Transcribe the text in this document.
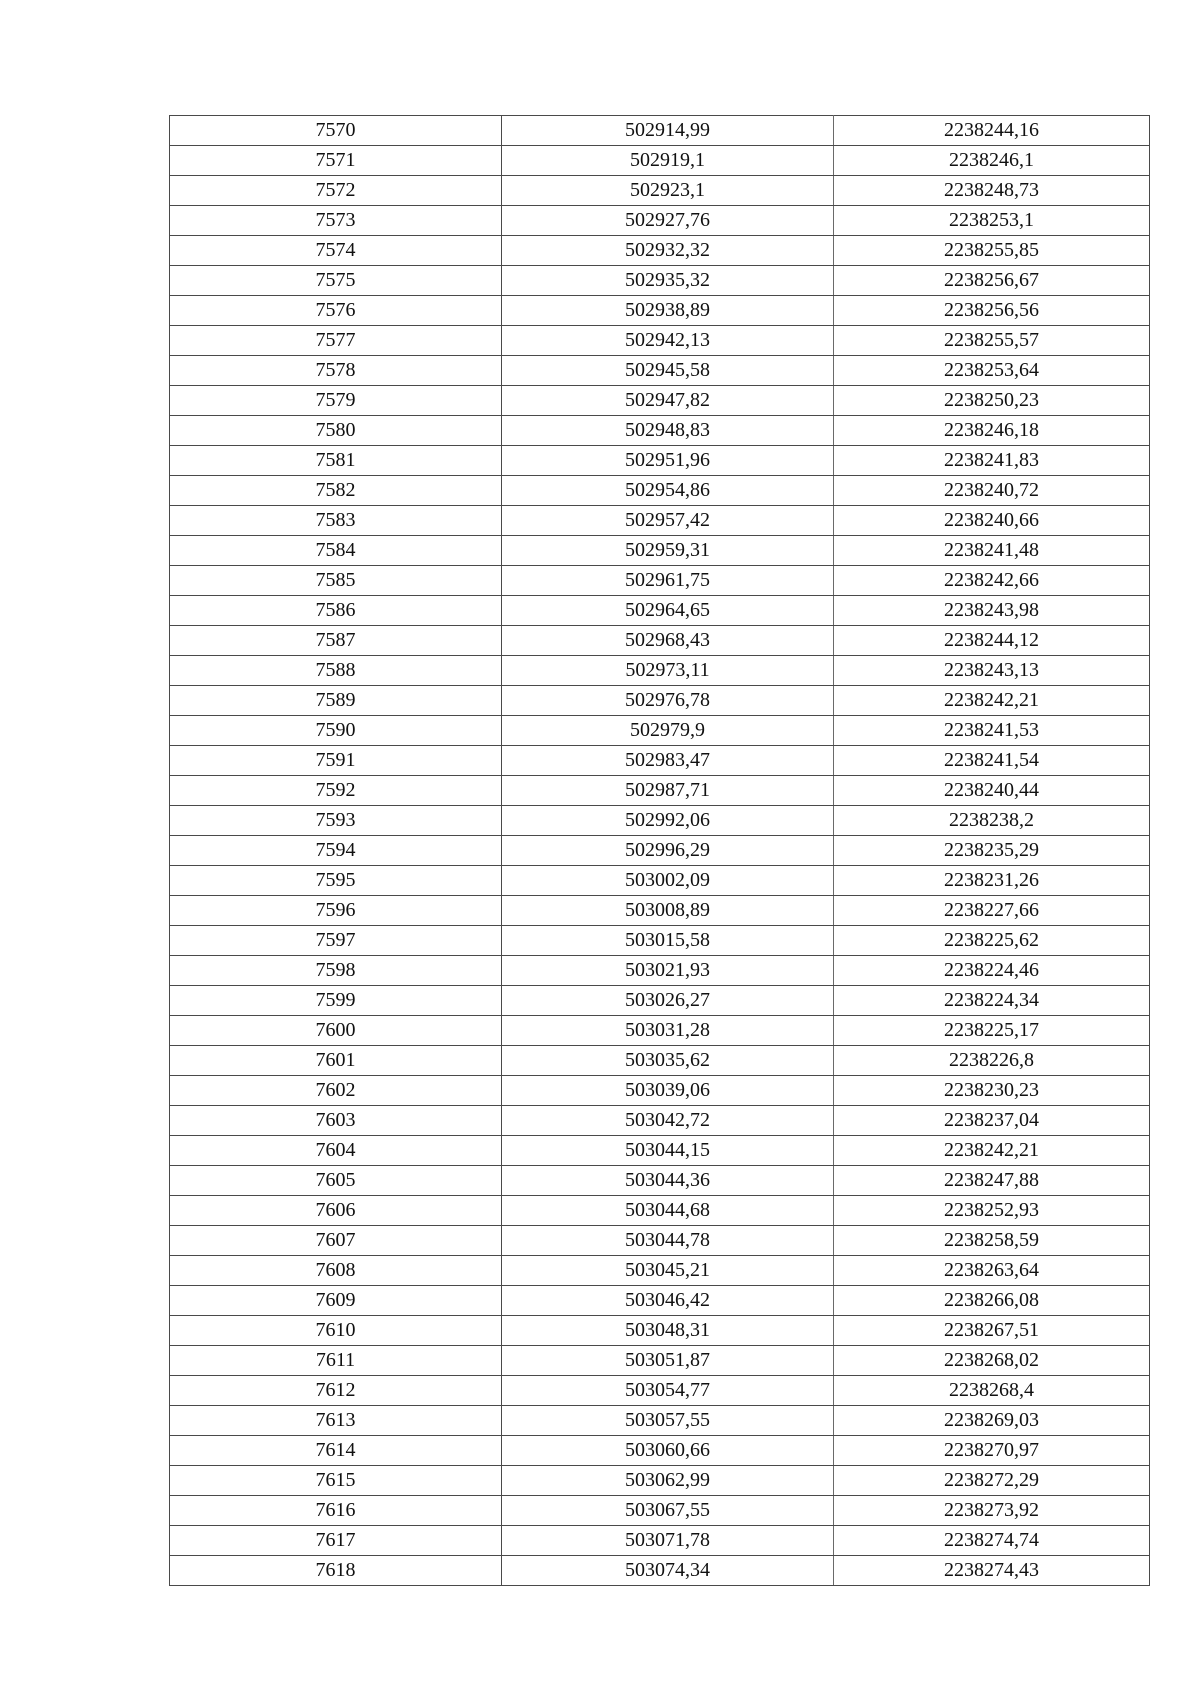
7570	502914,99	2238244,16
7571	502919,1	2238246,1
7572	502923,1	2238248,73
7573	502927,76	2238253,1
7574	502932,32	2238255,85
7575	502935,32	2238256,67
7576	502938,89	2238256,56
7577	502942,13	2238255,57
7578	502945,58	2238253,64
7579	502947,82	2238250,23
7580	502948,83	2238246,18
7581	502951,96	2238241,83
7582	502954,86	2238240,72
7583	502957,42	2238240,66
7584	502959,31	2238241,48
7585	502961,75	2238242,66
7586	502964,65	2238243,98
7587	502968,43	2238244,12
7588	502973,11	2238243,13
7589	502976,78	2238242,21
7590	502979,9	2238241,53
7591	502983,47	2238241,54
7592	502987,71	2238240,44
7593	502992,06	2238238,2
7594	502996,29	2238235,29
7595	503002,09	2238231,26
7596	503008,89	2238227,66
7597	503015,58	2238225,62
7598	503021,93	2238224,46
7599	503026,27	2238224,34
7600	503031,28	2238225,17
7601	503035,62	2238226,8
7602	503039,06	2238230,23
7603	503042,72	2238237,04
7604	503044,15	2238242,21
7605	503044,36	2238247,88
7606	503044,68	2238252,93
7607	503044,78	2238258,59
7608	503045,21	2238263,64
7609	503046,42	2238266,08
7610	503048,31	2238267,51
7611	503051,87	2238268,02
7612	503054,77	2238268,4
7613	503057,55	2238269,03
7614	503060,66	2238270,97
7615	503062,99	2238272,29
7616	503067,55	2238273,92
7617	503071,78	2238274,74
7618	503074,34	2238274,43
